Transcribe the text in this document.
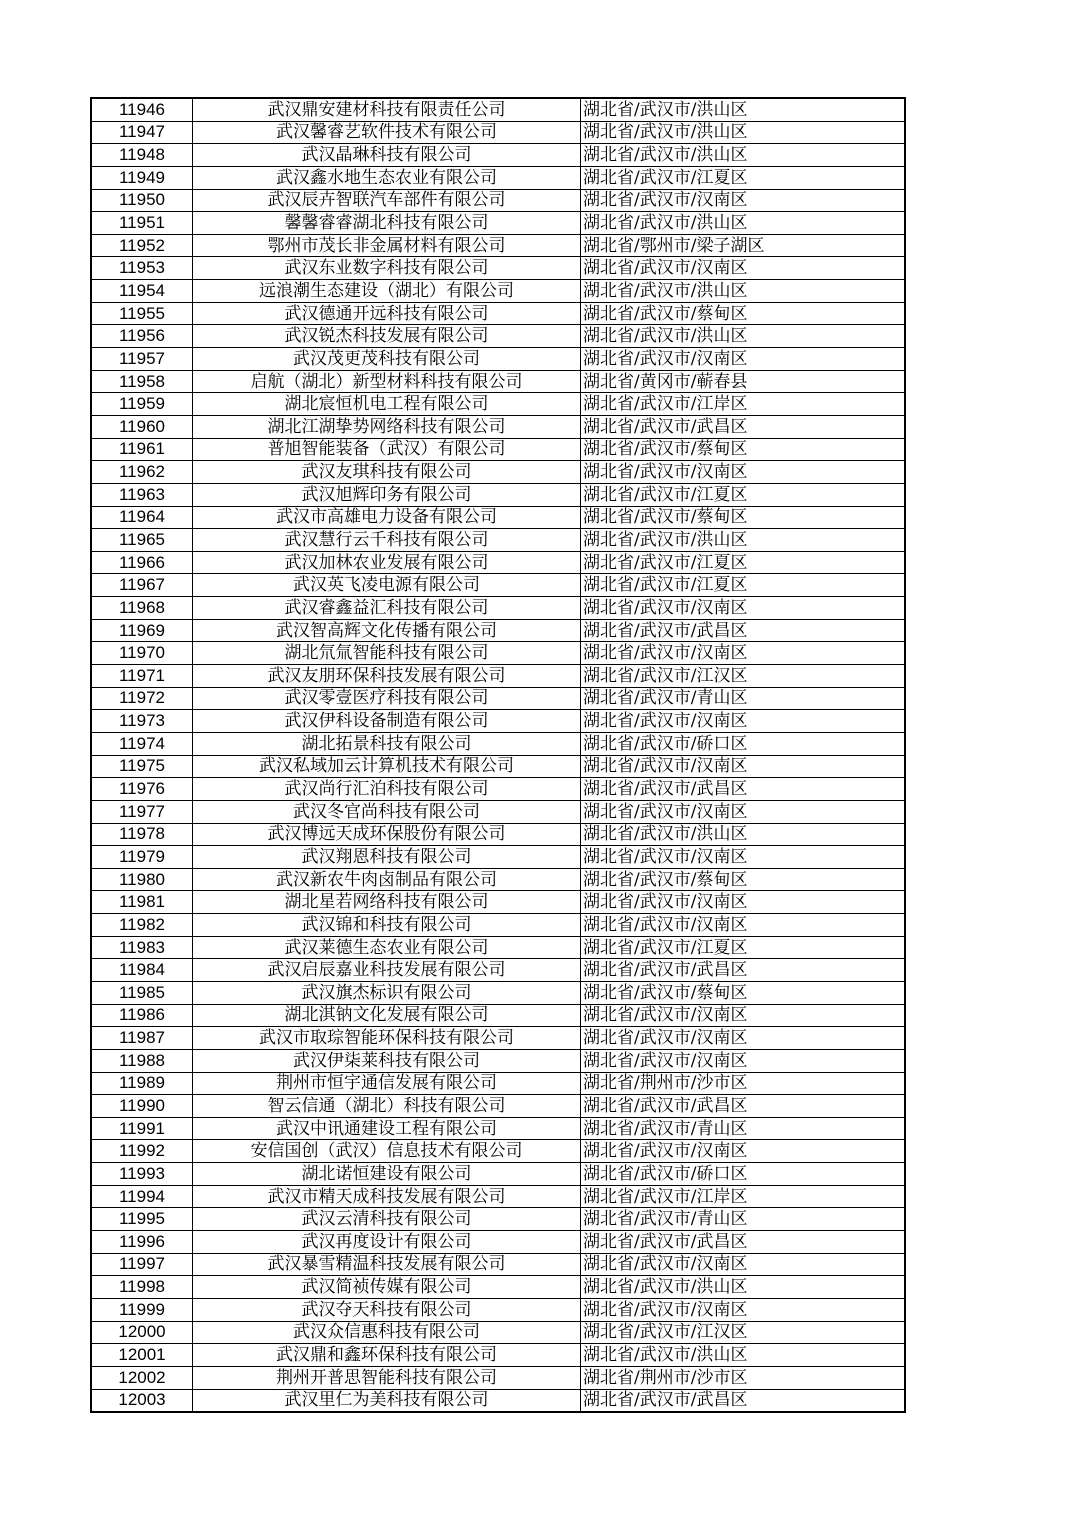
11946	武汉鼎安建材科技有限责任公司	湖北省/武汉市/洪山区
11947	武汉馨睿艺软件技术有限公司	湖北省/武汉市/洪山区
11948	武汉晶琳科技有限公司	湖北省/武汉市/洪山区
11949	武汉鑫水地生态农业有限公司	湖北省/武汉市/江夏区
11950	武汉辰卉智联汽车部件有限公司	湖北省/武汉市/汉南区
11951	馨馨睿睿湖北科技有限公司	湖北省/武汉市/洪山区
11952	鄂州市茂长非金属材料有限公司	湖北省/鄂州市/梁子湖区
11953	武汉东业数字科技有限公司	湖北省/武汉市/汉南区
11954	远浪潮生态建设（湖北）有限公司	湖北省/武汉市/洪山区
11955	武汉德通开远科技有限公司	湖北省/武汉市/蔡甸区
11956	武汉锐杰科技发展有限公司	湖北省/武汉市/洪山区
11957	武汉茂更茂科技有限公司	湖北省/武汉市/汉南区
11958	启航（湖北）新型材料科技有限公司	湖北省/黄冈市/蕲春县
11959	湖北宸恒机电工程有限公司	湖北省/武汉市/江岸区
11960	湖北江湖挚势网络科技有限公司	湖北省/武汉市/武昌区
11961	普旭智能装备（武汉）有限公司	湖北省/武汉市/蔡甸区
11962	武汉友琪科技有限公司	湖北省/武汉市/汉南区
11963	武汉旭辉印务有限公司	湖北省/武汉市/江夏区
11964	武汉市高雄电力设备有限公司	湖北省/武汉市/蔡甸区
11965	武汉慧行云千科技有限公司	湖北省/武汉市/洪山区
11966	武汉加林农业发展有限公司	湖北省/武汉市/江夏区
11967	武汉英飞凌电源有限公司	湖北省/武汉市/江夏区
11968	武汉睿鑫益汇科技有限公司	湖北省/武汉市/汉南区
11969	武汉智高辉文化传播有限公司	湖北省/武汉市/武昌区
11970	湖北氘氚智能科技有限公司	湖北省/武汉市/汉南区
11971	武汉友朋环保科技发展有限公司	湖北省/武汉市/江汉区
11972	武汉零壹医疗科技有限公司	湖北省/武汉市/青山区
11973	武汉伊科设备制造有限公司	湖北省/武汉市/汉南区
11974	湖北拓景科技有限公司	湖北省/武汉市/硚口区
11975	武汉私域加云计算机技术有限公司	湖北省/武汉市/汉南区
11976	武汉尚行汇泊科技有限公司	湖北省/武汉市/武昌区
11977	武汉冬官尚科技有限公司	湖北省/武汉市/汉南区
11978	武汉博远天成环保股份有限公司	湖北省/武汉市/洪山区
11979	武汉翔恩科技有限公司	湖北省/武汉市/汉南区
11980	武汉新农牛肉卤制品有限公司	湖北省/武汉市/蔡甸区
11981	湖北星若网络科技有限公司	湖北省/武汉市/汉南区
11982	武汉锦和科技有限公司	湖北省/武汉市/汉南区
11983	武汉莱德生态农业有限公司	湖北省/武汉市/江夏区
11984	武汉启辰嘉业科技发展有限公司	湖北省/武汉市/武昌区
11985	武汉旗杰标识有限公司	湖北省/武汉市/蔡甸区
11986	湖北淇钠文化发展有限公司	湖北省/武汉市/汉南区
11987	武汉市取琮智能环保科技有限公司	湖北省/武汉市/汉南区
11988	武汉伊柒莱科技有限公司	湖北省/武汉市/汉南区
11989	荆州市恒宇通信发展有限公司	湖北省/荆州市/沙市区
11990	智云信通（湖北）科技有限公司	湖北省/武汉市/武昌区
11991	武汉中讯通建设工程有限公司	湖北省/武汉市/青山区
11992	安信国创（武汉）信息技术有限公司	湖北省/武汉市/汉南区
11993	湖北诺恒建设有限公司	湖北省/武汉市/硚口区
11994	武汉市精天成科技发展有限公司	湖北省/武汉市/江岸区
11995	武汉云清科技有限公司	湖北省/武汉市/青山区
11996	武汉再度设计有限公司	湖北省/武汉市/武昌区
11997	武汉暴雪精温科技发展有限公司	湖北省/武汉市/汉南区
11998	武汉简祯传媒有限公司	湖北省/武汉市/洪山区
11999	武汉夺天科技有限公司	湖北省/武汉市/汉南区
12000	武汉众信惠科技有限公司	湖北省/武汉市/江汉区
12001	武汉鼎和鑫环保科技有限公司	湖北省/武汉市/洪山区
12002	荆州开普思智能科技有限公司	湖北省/荆州市/沙市区
12003	武汉里仁为美科技有限公司	湖北省/武汉市/武昌区
